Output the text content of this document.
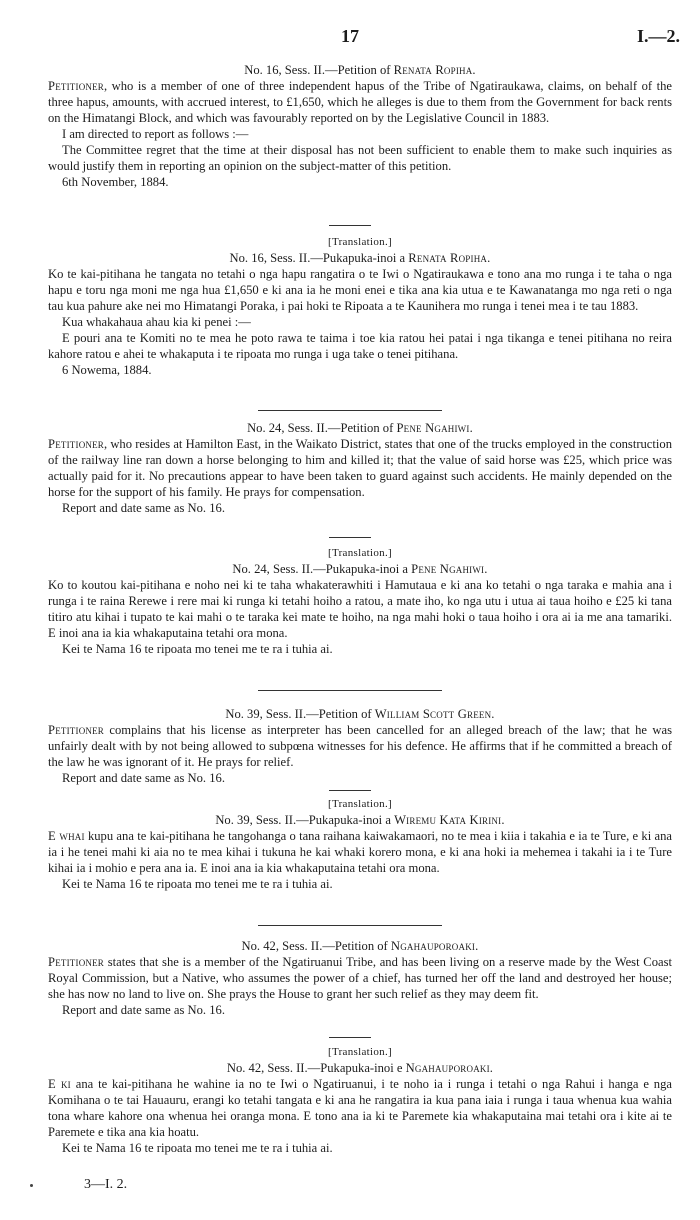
17	I.—2.

No. 16, Sess. II.—Petition of Renata Ropiha.

Petitioner, who is a member of one of three independent hapus of the Tribe of Ngatiraukawa, claims, on behalf of the three hapus, amounts, with accrued interest, to £1,650, which he alleges is due to them from the Government for back rents on the Himatangi Block, and which was favourably reported on by the Legislative Council in 1883.

I am directed to report as follows :—

The Committee regret that the time at their disposal has not been sufficient to enable them to make such inquiries as would justify them in reporting an opinion on the subject-matter of this petition.

6th November, 1884.

[Translation.]

No. 16, Sess. II.—Pukapuka-inoi a Renata Ropiha.

Ko te kai-pitihana he tangata no tetahi o nga hapu rangatira o te Iwi o Ngatiraukawa e tono ana mo runga i te taha o nga hapu e toru nga moni me nga hua £1,650 e ki ana ia he moni enei e tika ana kia utua e te Kawanatanga mo nga reti o nga tau kua pahure ake nei mo Himatangi Poraka, i pai hoki te Ripoata a te Kaunihera mo runga i tenei mea i te tau 1883.

Kua whakahaua ahau kia ki penei :—

E pouri ana te Komiti no te mea he poto rawa te taima i toe kia ratou hei patai i nga tikanga e tenei pitihana no reira kahore ratou e ahei te whakaputa i te ripoata mo runga i uga take o tenei pitihana.

6 Nowema, 1884.

No. 24, Sess. II.—Petition of Pene Ngahiwi.

Petitioner, who resides at Hamilton East, in the Waikato District, states that one of the trucks employed in the construction of the railway line ran down a horse belonging to him and killed it; that the value of said horse was £25, which price was actually paid for it. No precautions appear to have been taken to guard against such accidents. He mainly depended on the horse for the support of his family. He prays for compensation.

Report and date same as No. 16.

[Translation.]

No. 24, Sess. II.—Pukapuka-inoi a Pene Ngahiwi.

Ko to koutou kai-pitihana e noho nei ki te taha whakaterawhiti i Hamutaua e ki ana ko tetahi o nga taraka e mahia ana i runga i te raina Rerewe i rere mai ki runga ki tetahi hoiho a ratou, a mate iho, ko nga utu i utua ai taua hoiho e £25 ki tana titiro atu kihai i tupato te kai mahi o te taraka kei mate te hoiho, na nga mahi hoki o taua hoiho i ora ai ia me ana tamariki. E inoi ana ia kia whakaputaina tetahi ora mona.

Kei te Nama 16 te ripoata mo tenei me te ra i tuhia ai.

No. 39, Sess. II.—Petition of William Scott Green.

Petitioner complains that his license as interpreter has been cancelled for an alleged breach of the law; that he was unfairly dealt with by not being allowed to subpœna witnesses for his defence. He affirms that if he committed a breach of the law he was ignorant of it. He prays for relief.

Report and date same as No. 16.

[Translation.]

No. 39, Sess. II.—Pukapuka-inoi a Wiremu Kata Kirini.

E whai kupu ana te kai-pitihana he tangohanga o tana raihana kaiwakamaori, no te mea i kiia i takahia e ia te Ture, e ki ana ia i he tenei mahi ki aia no te mea kihai i tukuna he kai whaki korero mona, e ki ana hoki ia mehemea i takahi ia i te Ture kihai ia i mohio e pera ana ia. E inoi ana ia kia whakaputaina tetahi ora mona.

Kei te Nama 16 te ripoata mo tenei me te ra i tuhia ai.

No. 42, Sess. II.—Petition of Ngahauporoaki.

Petitioner states that she is a member of the Ngatiruanui Tribe, and has been living on a reserve made by the West Coast Royal Commission, but a Native, who assumes the power of a chief, has turned her off the land and destroyed her house; she has now no land to live on. She prays the House to grant her such relief as they may deem fit.

Report and date same as No. 16.

[Translation.]

No. 42, Sess. II.—Pukapuka-inoi e Ngahauporoaki.

E ki ana te kai-pitihana he wahine ia no te Iwi o Ngatiruanui, i te noho ia i runga i tetahi o nga Rahui i hanga e nga Komihana o te tai Hauauru, erangi ko tetahi tangata e ki ana he rangatira ia kua pana iaia i runga i taua whenua kua wahia tona whare kahore ona whenua hei oranga mona. E tono ana ia ki te Paremete kia whakaputaina mai tetahi ora i kite ai te Paremete e tika ana kia hoatu.

Kei te Nama 16 te ripoata mo tenei me te ra i tuhia ai.

3—I. 2.
